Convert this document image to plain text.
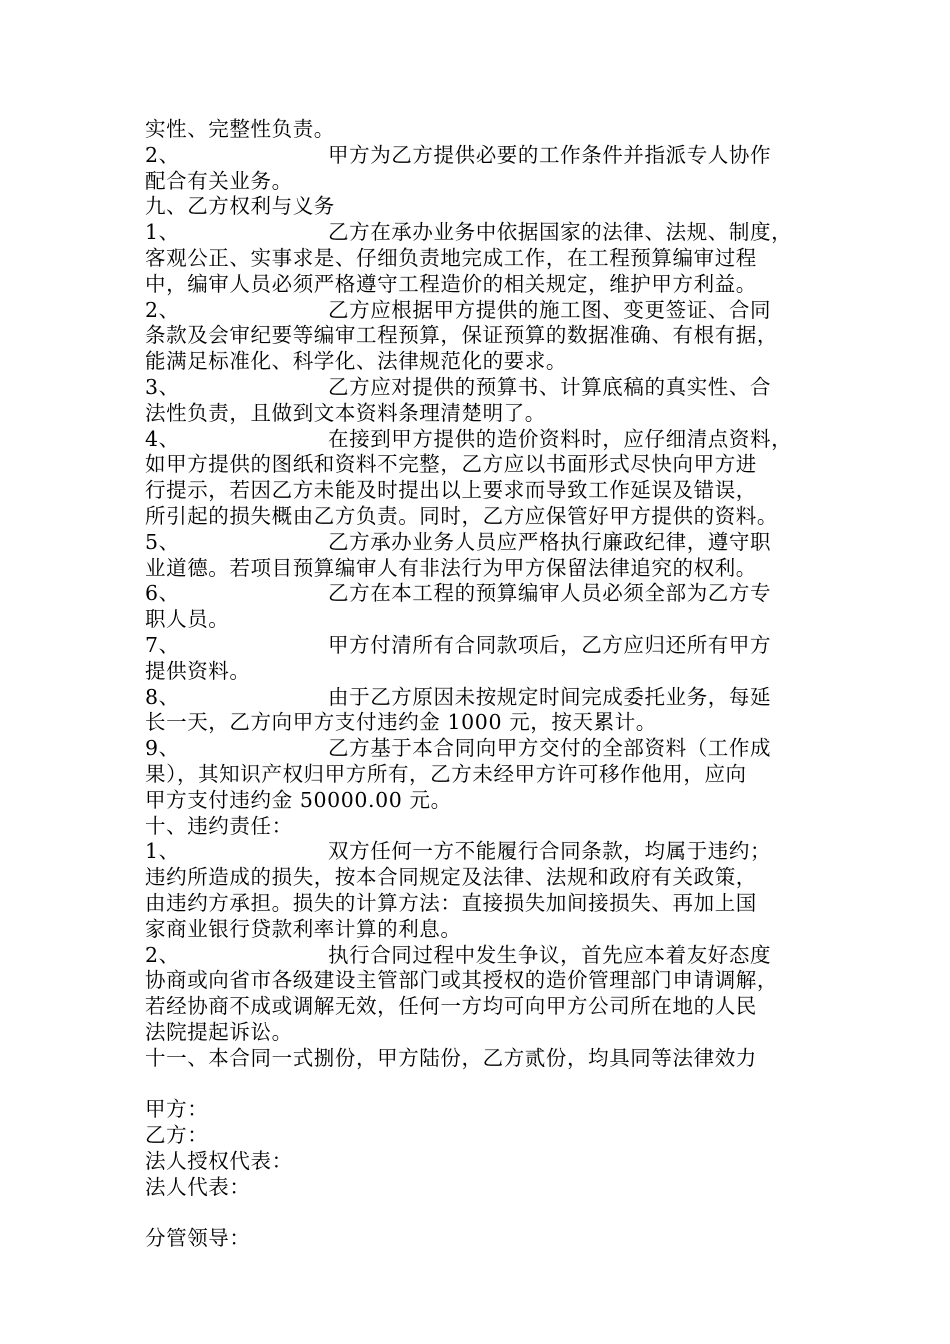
实性、完整性负责。
2、	甲方为乙方提供必要的工作条件并指派专人协作
配合有关业务。
九、乙方权利与义务
1、	乙方在承办业务中依据国家的法律、法规、制度，
客观公正、实事求是、仔细负责地完成工作，在工程预算编审过程
中，编审人员必须严格遵守工程造价的相关规定，维护甲方利益。
2、	乙方应根据甲方提供的施工图、变更签证、合同
条款及会审纪要等编审工程预算，保证预算的数据准确、有根有据，
能满足标准化、科学化、法律规范化的要求。
3、	乙方应对提供的预算书、计算底稿的真实性、合
法性负责，且做到文本资料条理清楚明了。
4、	在接到甲方提供的造价资料时，应仔细清点资料，
如甲方提供的图纸和资料不完整，乙方应以书面形式尽快向甲方进
行提示，若因乙方未能及时提出以上要求而导致工作延误及错误，
所引起的损失概由乙方负责。同时，乙方应保管好甲方提供的资料。
5、	乙方承办业务人员应严格执行廉政纪律，遵守职
业道德。若项目预算编审人有非法行为甲方保留法律追究的权利。
6、	乙方在本工程的预算编审人员必须全部为乙方专
职人员。
7、	甲方付清所有合同款项后，乙方应归还所有甲方
提供资料。
8、	由于乙方原因未按规定时间完成委托业务，每延
长一天，乙方向甲方支付违约金 1000 元，按天累计。
9、	乙方基于本合同向甲方交付的全部资料（工作成
果），其知识产权归甲方所有，乙方未经甲方许可移作他用，应向
甲方支付违约金 50000.00 元。
十、违约责任：
1、	双方任何一方不能履行合同条款，均属于违约；
违约所造成的损失，按本合同规定及法律、法规和政府有关政策，
由违约方承担。损失的计算方法：直接损失加间接损失、再加上国
家商业银行贷款利率计算的利息。
2、	执行合同过程中发生争议，首先应本着友好态度
协商或向省市各级建设主管部门或其授权的造价管理部门申请调解，
若经协商不成或调解无效，任何一方均可向甲方公司所在地的人民
法院提起诉讼。
十一、本合同一式捌份，甲方陆份，乙方贰份，均具同等法律效力
甲方：
乙方：
法人授权代表：
法人代表：
分管领导：
